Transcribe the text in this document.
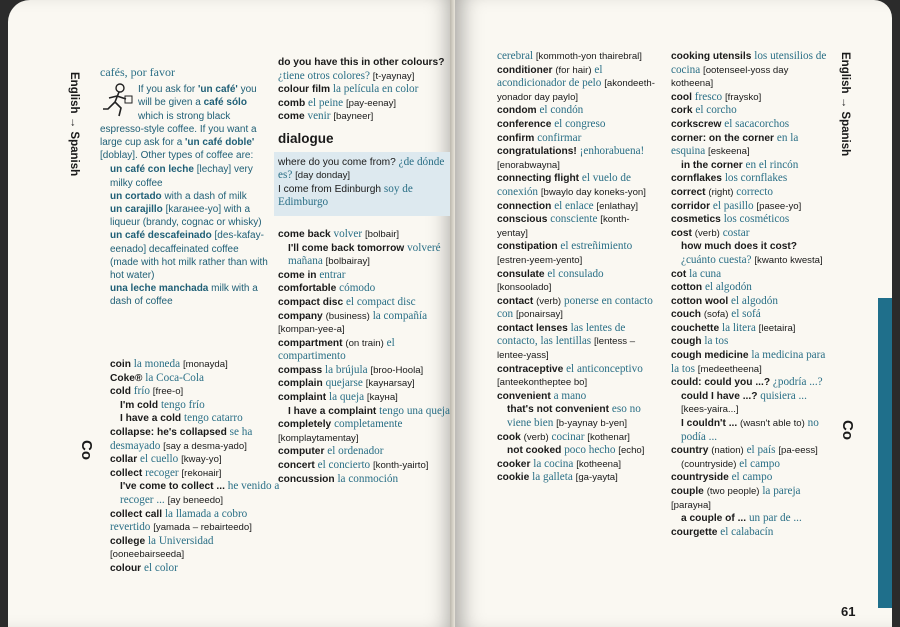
English → Spanish
Co
cafés, por favor
If you ask for 'un café' you will be given a café sólo which is strong black espresso-style coffee. If you want a large cup ask for a 'un café doble' [doblay]. Other types of coffee are:
un café con leche [lechay] very milky coffee
un cortado with a dash of milk
un carajillo [karaнee-yo] with a liqueur (brandy, cognac or whisky)
un café descafeinado [des-kafay-eenado] decaffeinated coffee (made with hot milk rather than with hot water)
una leche manchada milk with a dash of coffee
coin la moneda [monayda]
Coke® la Coca-Cola
cold frío [free-o]
I'm cold tengo frío
I have a cold tengo catarro
collapse: he's collapsed se ha desmayado [say a desma-yado]
collar el cuello [kway-yo]
collect recoger [rekoнair]
I've come to collect ... he venido a recoger ... [ay beneedo]
collect call la llamada a cobro revertido [yamada – rebairteedo]
college la Universidad [ooneebairseeda]
colour el color
do you have this in other colours? ¿tiene otros colores? [t-yaynay]
colour film la película en color
comb el peine [pay-eenay]
come venir [bayneer]
dialogue
where do you come from? ¿de dónde es? [day donday]
I come from Edinburgh soy de Edimburgo
come back volver [bolbair]
I'll come back tomorrow volveré mañana [bolbairay]
come in entrar
comfortable cómodo
compact disc el compact disc
company (business) la compañía [kompan-yee-a]
compartment (on train) el compartimento
compass la brújula [broo-Hoola]
complain quejarse [kayнarsay]
complaint la queja [kayнa]
I have a complaint tengo una queja
completely completamente [komplaytamentay]
computer el ordenador
concert el concierto [konth-yairto]
concussion la conmoción
cerebral [kommoth-yon thairebral]
conditioner (for hair) el acondicionador de pelo [akondeeth-yonador day paylo]
condom el condón
conference el congreso
confirm confirmar
congratulations! ¡enhorabuena! [enorabwayna]
connecting flight el vuelo de conexión [bwaylo day koneks-yon]
connection el enlace [enlathay]
conscious consciente [konth-yentay]
constipation el estreñimiento [estren-yeem-yento]
consulate el consulado [konsoolado]
contact (verb) ponerse en contacto con [ponairsay]
contact lenses las lentes de contacto, las lentillas [lentess – lentee-yass]
contraceptive el anticonceptivo [anteekontheptee bo]
convenient a mano
that's not convenient eso no viene bien [b-yaynay b-yen]
cook (verb) cocinar [kothenar]
not cooked poco hecho [echo]
cooker la cocina [kotheena]
cookie la galleta [ga-yayta]
cooking utensils los utensilios de cocina [ootenseel-yoss day kotheena]
cool fresco [fraysko]
cork el corcho
corkscrew el sacacorchos
corner: on the corner en la esquina [eskeena]
in the corner en el rincón
cornflakes los cornflakes
correct (right) correcto
corridor el pasillo [pasee-yo]
cosmetics los cosméticos
cost (verb) costar
how much does it cost? ¿cuánto cuesta? [kwanto kwesta]
cot la cuna
cotton el algodón
cotton wool el algodón
couch (sofa) el sofá
couchette la litera [leetaira]
cough la tos
cough medicine la medicina para la tos [medeetheena]
could: could you ...? ¿podría ...?
could I have ...? quisiera ... [kees-yaira...]
I couldn't ... (wasn't able to) no podía ...
country (nation) el país [pa-eess]
(countryside) el campo
countryside el campo
couple (two people) la pareja [parayнa]
a couple of ... un par de ...
courgette el calabacín
English → Spanish
Co
61
